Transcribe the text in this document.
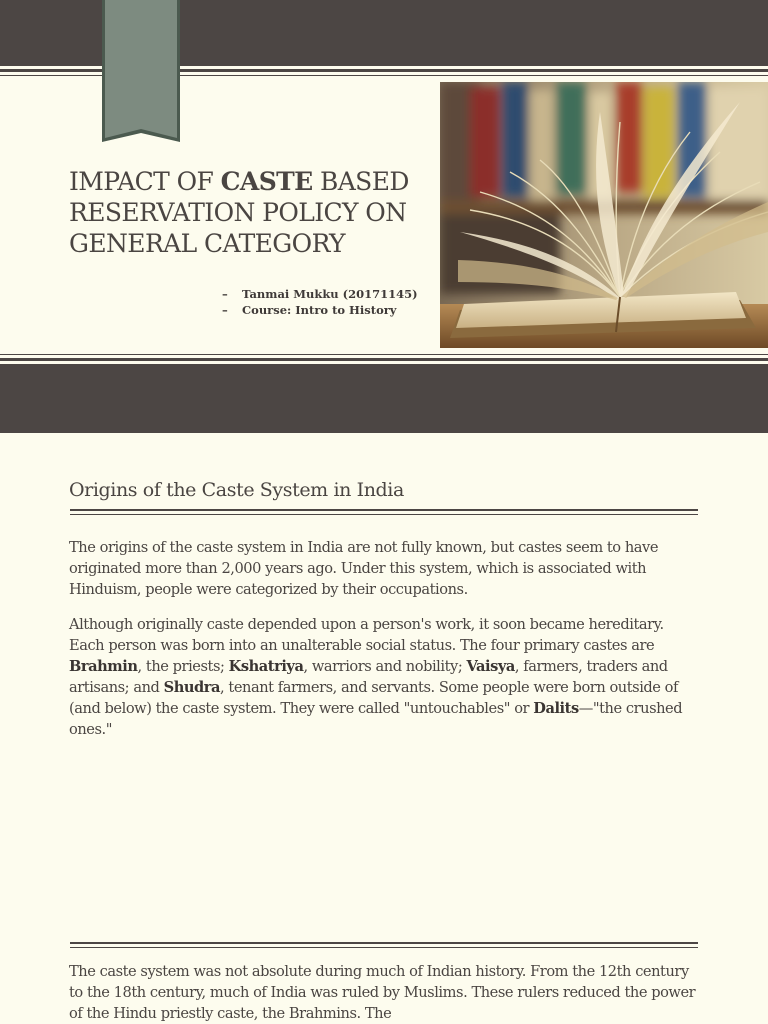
IMPACT OF CASTE BASED RESERVATION POLICY ON GENERAL CATEGORY
– Tanmai Mukku (20171145)
– Course: Intro to History
Origins of the Caste System in India

The origins of the caste system in India are not fully known, but castes seem to have originated more than 2,000 years ago. Under this system, which is associated with Hinduism, people were categorized by their occupations.

Although originally caste depended upon a person's work, it soon became hereditary. Each person was born into an unalterable social status. The four primary castes are Brahmin, the priests; Kshatriya, warriors and nobility; Vaisya, farmers, traders and artisans; and Shudra, tenant farmers, and servants. Some people were born outside of (and below) the caste system. They were called "untouchables" or Dalits—"the crushed ones."

The caste system was not absolute during much of Indian history. From the 12th century to the 18th century, much of India was ruled by Muslims. These rulers reduced the power of the Hindu priestly caste, the Brahmins. The
